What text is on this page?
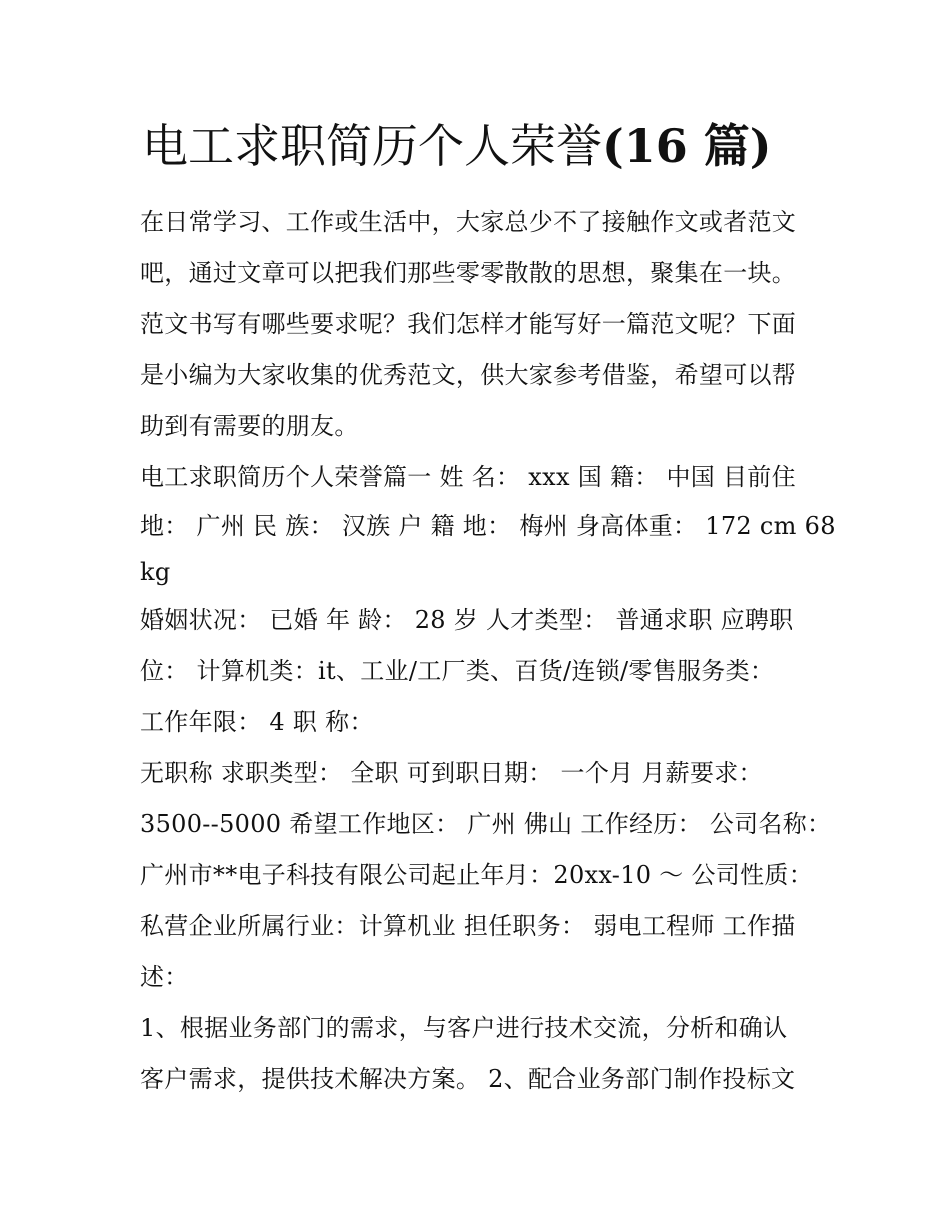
电工求职简历个人荣誉(16 篇)
在日常学习、工作或生活中，大家总少不了接触作文或者范文
吧，通过文章可以把我们那些零零散散的思想，聚集在一块。
范文书写有哪些要求呢？我们怎样才能写好一篇范文呢？下面
是小编为大家收集的优秀范文，供大家参考借鉴，希望可以帮
助到有需要的朋友。
电工求职简历个人荣誉篇一 姓 名： xxx 国 籍： 中国 目前住
地： 广州 民 族： 汉族 户 籍 地： 梅州 身高体重： 172 cm 68
kg
婚姻状况： 已婚 年 龄： 28 岁 人才类型： 普通求职 应聘职
位： 计算机类：it、工业/工厂类、百货/连锁/零售服务类：
工作年限： 4 职 称：
无职称 求职类型： 全职 可到职日期： 一个月 月薪要求：
3500--5000 希望工作地区： 广州 佛山 工作经历： 公司名称：
广州市**电子科技有限公司起止年月：20xx-10 ～ 公司性质：
私营企业所属行业：计算机业 担任职务： 弱电工程师 工作描
述：
1、根据业务部门的需求，与客户进行技术交流，分析和确认
客户需求，提供技术解决方案。 2、配合业务部门制作投标文
